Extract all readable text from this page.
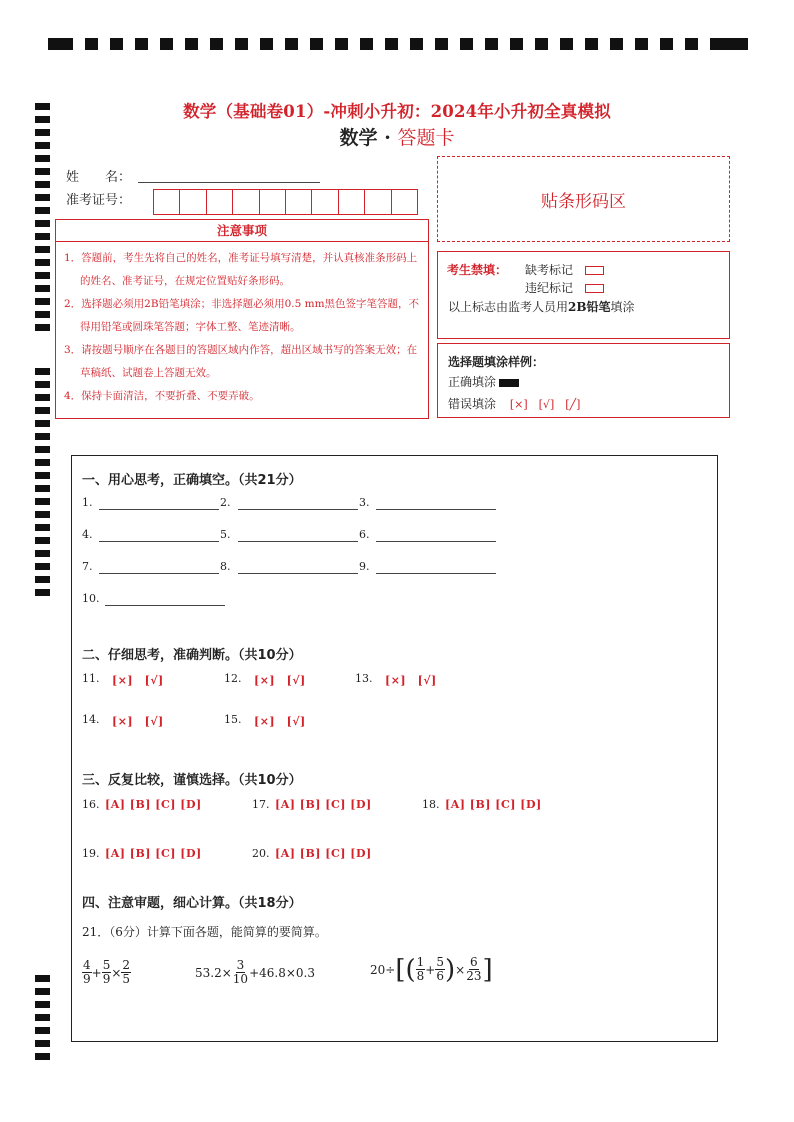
数学（基础卷01）-冲刺小升初：2024年小升初全真模拟
数学 · 答题卡
姓　　名：
准考证号：	贴条形码区
注意事项

1．答题前，考生先将自己的姓名，准考证号填写清楚，并认真核准条形码上的姓名、准考证号，在规定位置贴好条形码。

2．选择题必须用2B铅笔填涂；非选择题必须用0.5 mm黑色签字笔答题，不得用铅笔或圆珠笔答题；字体工整、笔迹清晰。

3．请按题号顺序在各题目的答题区域内作答，超出区域书写的答案无效；在草稿纸、试题卷上答题无效。

4．保持卡面清洁，不要折叠、不要弄破。

考生禁填： 缺考标记
违纪标记
以上标志由监考人员用2B铅笔填涂
选择题填涂样例：
正确填涂
错误填涂 [×]　[√]　[╱]
一、用心思考，正确填空。（共21分）
1.	2.	3.
4.	5.	6.
7.	8.	9.
10.
二、仔细思考，准确判断。（共10分）
11. [×]　[√]	12. [×]　[√]	13. [×]　[√]
14. [×]　[√]	15. [×]　[√]
三、反复比较，谨慎选择。（共10分）
16. [A] [B] [C] [D]	17. [A] [B] [C] [D]	18. [A] [B] [C] [D]
19. [A] [B] [C] [D]	20. [A] [B] [C] [D]
四、注意审题，细心计算。（共18分）
21．（6分）计算下面各题，能简算的要简算。
$\frac{4}{9} + \frac{5}{9} \times \frac{2}{5}$	$53.2\times \frac{3}{10} +46.8\times 0.3$	20÷ [ ( $\frac{1}{8} + \frac{5}{6}$ ) × $\frac{6}{23}$ ]
